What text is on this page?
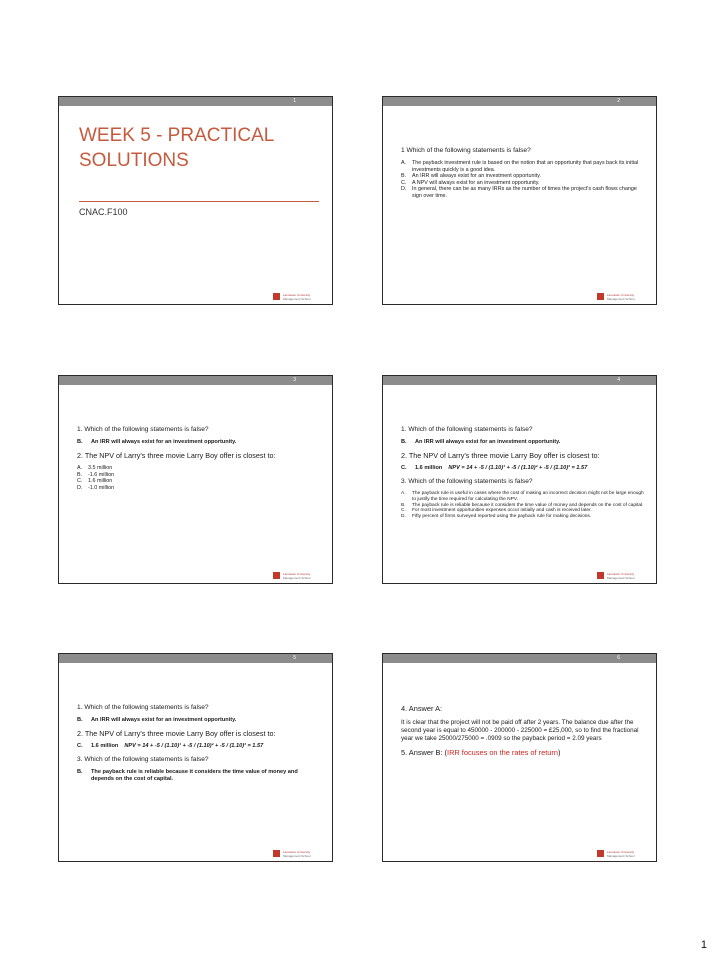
1
WEEK 5 - PRACTICAL SOLUTIONS
CNAC.F100
Lancaster University
Management School
2

1 Which of the following statements is false?

A.	The payback investment rule is based on the notion that an opportunity that pays back its initial investments quickly is a good idea.
B.	An IRR will always exist for an investment opportunity.
C.	A NPV will always exist for an investment opportunity.
D.	In general, there can be as many IRRs as the number of times the project's cash flows change sign over time.
Lancaster University
Management School
3

1. Which of the following statements is false?

B.	An IRR will always exist for an investment opportunity.

2. The NPV of Larry's three movie Larry Boy offer is closest to:

A.	3.5 million
B.	-1.6 million
C.	1.6 million
D.	-1.0 million
Lancaster University
Management School
4

1. Which of the following statements is false?

B.	An IRR will always exist for an investment opportunity.

2. The NPV of Larry's three movie Larry Boy offer is closest to:

C.	1.6 million NPV = 14 + -5 / (1.10)¹ + -5 / (1.10)² + -5 / (1.10)³ = 1.57

3. Which of the following statements is false?

A.	The payback rule is useful in cases where the cost of making an incorrect decision might not be large enough to justify the time required for calculating the NPV.
B.	The payback rule is reliable because it considers the time value of money and depends on the cost of capital.
C.	For most investment opportunities expenses occur initially and cash is received later.
D.	Fifty percent of firms surveyed reported using the payback rule for making decisions.
Lancaster University
Management School
5

1. Which of the following statements is false?

B.	An IRR will always exist for an investment opportunity.

2. The NPV of Larry's three movie Larry Boy offer is closest to:

C.	1.6 million NPV = 14 + -5 / (1.10)¹ + -5 / (1.10)² + -5 / (1.10)³ = 1.57

3. Which of the following statements is false?

B.	The payback rule is reliable because it considers the time value of money and depends on the cost of capital.
Lancaster University
Management School
6

4. Answer A:

It is clear that the project will not be paid off after 2 years. The balance due after the second year is equal to 450000 - 200000 - 225000 = £25,000, so to find the fractional year we take 25000/275000 = .0909 so the payback period = 2.09 years

5. Answer B: (IRR focuses on the rates of return)

Lancaster University
Management School
1
